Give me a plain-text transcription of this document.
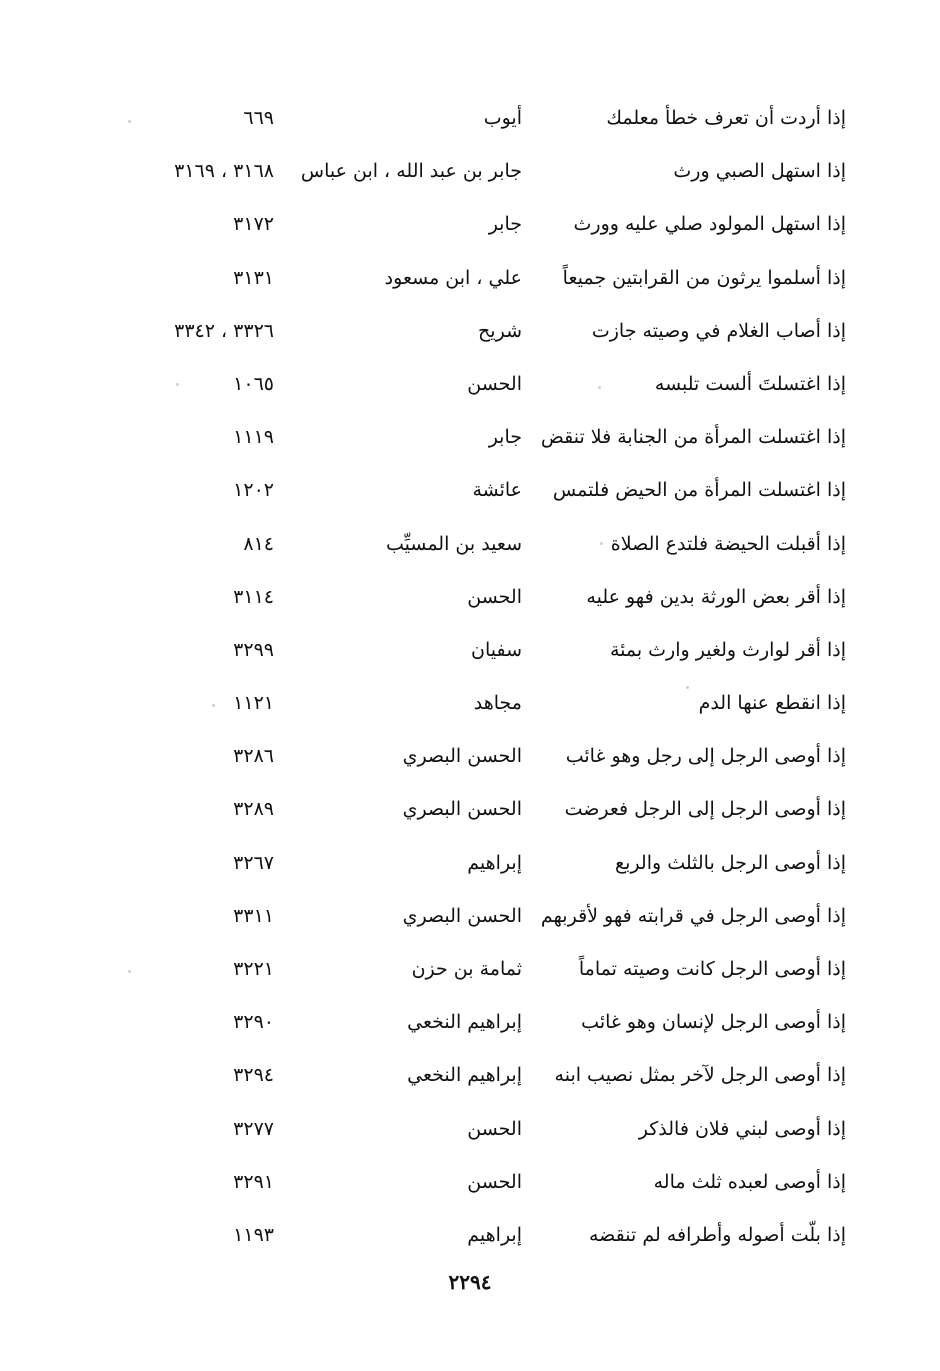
إذا أردت أن تعرف خطأ معلمك
أيوب
٦٦٩
إذا استهل الصبي ورث
جابر بن عبد الله ، ابن عباس
٣١٦٨ ، ٣١٦٩
إذا استهل المولود صلي عليه وورث
جابر
٣١٧٢
إذا أسلموا يرثون من القرابتين جميعاً
علي ، ابن مسعود
٣١٣١
إذا أصاب الغلام في وصيته جازت
شريح
٣٣٢٦ ، ٣٣٤٢
إذا اغتسلتَ ألست تلبسه
الحسن
١٠٦٥
إذا اغتسلت المرأة من الجنابة فلا تنقض
جابر
١١١٩
إذا اغتسلت المرأة من الحيض فلتمس
عائشة
١٢٠٢
إذا أقبلت الحيضة فلتدع الصلاة
سعيد بن المسيِّب
٨١٤
إذا أقر بعض الورثة بدين فهو عليه
الحسن
٣١١٤
إذا أقر لوارث ولغير وارث بمئة
سفيان
٣٢٩٩
إذا انقطع عنها الدم
مجاهد
١١٢١
إذا أوصى الرجل إلى رجل وهو غائب
الحسن البصري
٣٢٨٦
إذا أوصى الرجل إلى الرجل فعرضت
الحسن البصري
٣٢٨٩
إذا أوصى الرجل بالثلث والربع
إبراهيم
٣٢٦٧
إذا أوصى الرجل في قرابته فهو لأقربهم
الحسن البصري
٣٣١١
إذا أوصى الرجل كانت وصيته تماماً
ثمامة بن حزن
٣٢٢١
إذا أوصى الرجل لإنسان وهو غائب
إبراهيم النخعي
٣٢٩٠
إذا أوصى الرجل لآخر بمثل نصيب ابنه
إبراهيم النخعي
٣٢٩٤
إذا أوصى لبني فلان فالذكر
الحسن
٣٢٧٧
إذا أوصى لعبده ثلث ماله
الحسن
٣٢٩١
إذا بلّت أصوله وأطرافه لم تنقضه
إبراهيم
١١٩٣
٢٢٩٤
